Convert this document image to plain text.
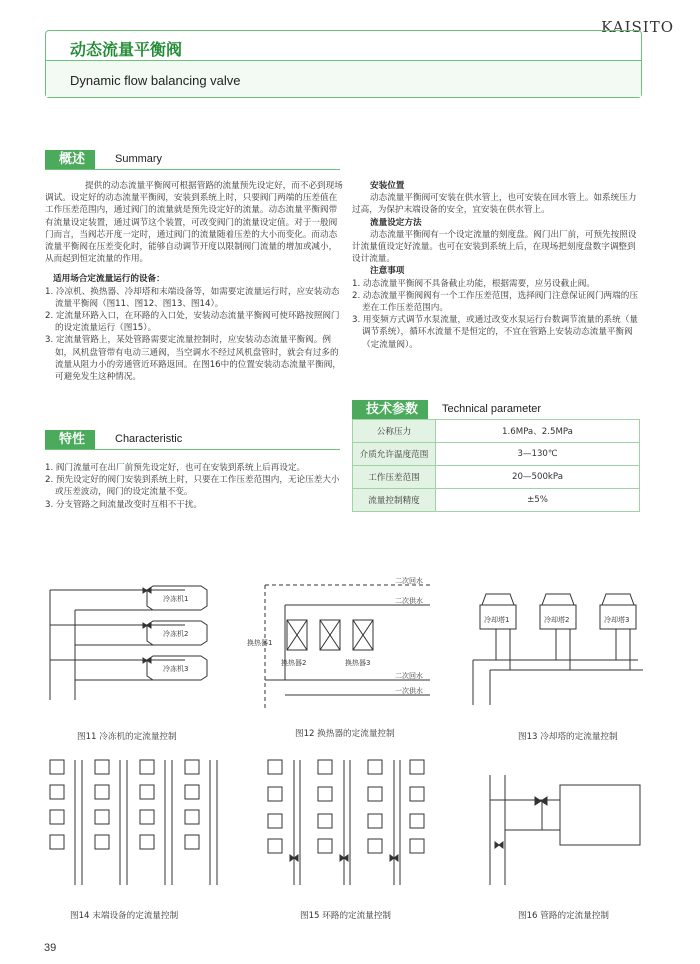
KAISITO
动态流量平衡阀
Dynamic flow balancing valve
概述	Summary

提供的动态流量平衡阀可根据管路的流量预先设定好，而不必到现场调试。设定好的动态流量平衡阀，安装到系统上时，只要阀门两端的压差值在工作压差范围内，通过阀门的流量就是预先设定好的流量。动态流量平衡阀带有流量设定装置，通过调节这个装置，可改变阀门的流量设定值。对于一般阀门而言，当阀芯开度一定时，通过阀门的流量随着压差的大小而变化。而动态流量平衡阀在压差变化时，能够自动调节开度以限制阀门流量的增加或减小，从而起到恒定流量的作用。

适用场合定流量运行的设备：

1. 冷凉机、换热器、冷却塔和末端设备等，如需要定流量运行时，应安装动态流量平衡阀（图11、图12、图13、图14）。

2. 定流量环路入口，在环路的入口处，安装动态流量平衡阀可使环路按照阀门的设定流量运行（图15）。

3. 定流量管路上，某处管路需要定流量控制时，应安装动态流量平衡阀。例如，风机盘管带有电动三通阀，当空调水不经过风机盘管时，就会有过多的流量从阻力小的旁通管近环路返回。在图16中的位置安装动态流量平衡阀，可避免发生这种情况。

安装位置

动态流量平衡阀可安装在供水管上，也可安装在回水管上。如系统压力过高，为保护末端设备的安全，宜安装在供水管上。

流量设定方法

动态流量平衡阀有一个设定流量的刻度盘。阀门出厂前，可预先按照设计流量值设定好流量。也可在安装到系统上后，在现场把刻度盘数字调整到设计流量。

注意事项

1. 动态流量平衡阀不具备截止功能，根据需要，应另设截止阀。

2. 动态流量平衡阀阀有一个工作压差范围，选择阀门注意保证阀门两端的压差在工作压差范围内。

3. 用变频方式调节水泵流量，或通过改变水泵运行台数调节流量的系统（量调节系统），循环水流量不是恒定的，不宜在管路上安装动态流量平衡阀（定流量阀）。

技术参数	Technical parameter
公称压力	1.6MPa、2.5MPa
介质允许温度范围	3—130℃
工作压差范围	20—500kPa
流量控制精度	±5%
特性	Characteristic

1. 阀门流量可在出厂前预先设定好，也可在安装到系统上后再设定。

2. 预先设定好的阀门安装到系统上时，只要在工作压差范围内，无论压差大小或压差波动，阀门的设定流量不变。

3. 分支管路之间流量改变时互相不干扰。

冷冻机1
冷冻机2
冷冻机3
图11 冷冻机的定流量控制
二次回水
二次供水
二次回水
一次供水
换热器1
换热器2	换热器3
图12 换热器的定流量控制
冷却塔1	冷却塔2	冷却塔3
图13 冷却塔的定流量控制
图14 末端设备的定流量控制	图15 环路的定流量控制	图16 管路的定流量控制
39
